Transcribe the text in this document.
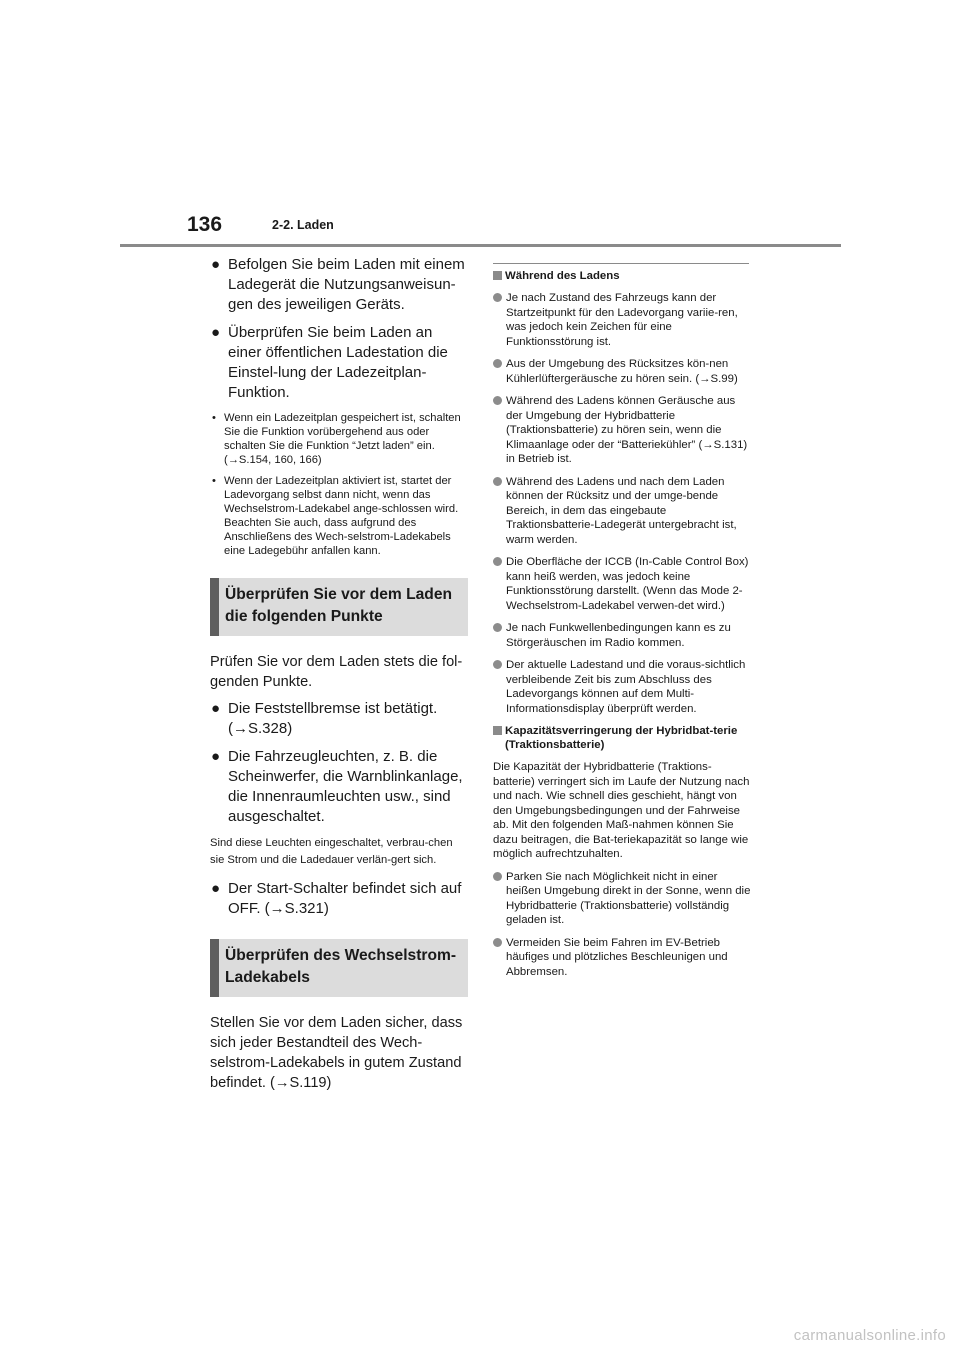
136	2-2. Laden
● Befolgen Sie beim Laden mit einem Ladegerät die Nutzungsanweisun-gen des jeweiligen Geräts.
● Überprüfen Sie beim Laden an einer öffentlichen Ladestation die Einstel-lung der Ladezeitplan-Funktion.
• Wenn ein Ladezeitplan gespeichert ist, schalten Sie die Funktion vorübergehend aus oder schalten Sie die Funktion “Jetzt laden” ein. (→S.154, 160, 166)
• Wenn der Ladezeitplan aktiviert ist, startet der Ladevorgang selbst dann nicht, wenn das Wechselstrom-Ladekabel ange-schlossen wird. Beachten Sie auch, dass aufgrund des Anschließens des Wech-selstrom-Ladekabels eine Ladegebühr anfallen kann.
Überprüfen Sie vor dem Laden die folgenden Punkte
Prüfen Sie vor dem Laden stets die fol-genden Punkte.
● Die Feststellbremse ist betätigt. (→S.328)
● Die Fahrzeugleuchten, z. B. die Scheinwerfer, die Warnblinkanlage, die Innenraumleuchten usw., sind ausgeschaltet.
Sind diese Leuchten eingeschaltet, verbrau-chen sie Strom und die Ladedauer verlän-gert sich.
● Der Start-Schalter befindet sich auf OFF. (→S.321)
Überprüfen des Wechselstrom-Ladekabels
Stellen Sie vor dem Laden sicher, dass sich jeder Bestandteil des Wech-selstrom-Ladekabels in gutem Zustand befindet. (→S.119)
Während des Ladens
Je nach Zustand des Fahrzeugs kann der Startzeitpunkt für den Ladevorgang variie-ren, was jedoch kein Zeichen für eine Funktionsstörung ist.
Aus der Umgebung des Rücksitzes kön-nen Kühlerlüftergeräusche zu hören sein. (→S.99)
Während des Ladens können Geräusche aus der Umgebung der Hybridbatterie (Traktionsbatterie) zu hören sein, wenn die Klimaanlage oder der “Batteriekühler” (→S.131) in Betrieb ist.
Während des Ladens und nach dem Laden können der Rücksitz und der umge-bende Bereich, in dem das eingebaute Traktionsbatterie-Ladegerät untergebracht ist, warm werden.
Die Oberfläche der ICCB (In-Cable Control Box) kann heiß werden, was jedoch keine Funktionsstörung darstellt. (Wenn das Mode 2-Wechselstrom-Ladekabel verwen-det wird.)
Je nach Funkwellenbedingungen kann es zu Störgeräuschen im Radio kommen.
Der aktuelle Ladestand und die voraus-sichtlich verbleibende Zeit bis zum Abschluss des Ladevorgangs können auf dem Multi-Informationsdisplay überprüft werden.
Kapazitätsverringerung der Hybridbat-terie (Traktionsbatterie)
Die Kapazität der Hybridbatterie (Traktions-batterie) verringert sich im Laufe der Nutzung nach und nach. Wie schnell dies geschieht, hängt von den Umgebungsbedingungen und der Fahrweise ab. Mit den folgenden Maß-nahmen können Sie dazu beitragen, die Bat-teriekapazität so lange wie möglich aufrechtzuhalten.
Parken Sie nach Möglichkeit nicht in einer heißen Umgebung direkt in der Sonne, wenn die Hybridbatterie (Traktionsbatterie) vollständig geladen ist.
Vermeiden Sie beim Fahren im EV-Betrieb häufiges und plötzliches Beschleunigen und Abbremsen.
carmanualsonline.info
